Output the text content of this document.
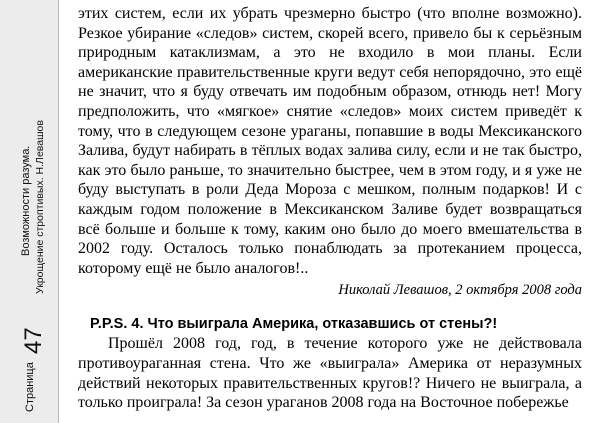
Возможности разума. Укрощение строптивых. Н.Левашов
Страница
47

этих систем, если их убрать чрезмерно быстро (что вполне возможно). Резкое убирание «следов» систем, скорей всего, привело бы к серьёзным природным катаклизмам, а это не входило в мои планы. Если американские правительственные круги ведут себя непорядочно, это ещё не значит, что я буду отвечать им подобным образом, отнюдь нет! Могу предположить, что «мягкое» снятие «следов» моих систем приведёт к тому, что в следующем сезоне ураганы, попавшие в воды Мексиканского Залива, будут набирать в тёплых водах залива силу, если и не так быстро, как это было раньше, то значительно быстрее, чем в этом году, и я уже не буду выступать в роли Деда Мороза с мешком, полным подарков! И с каждым годом положение в Мексиканском Заливе будет возвращаться всё больше и больше к тому, каким оно было до моего вмешательства в 2002 году. Осталось только понаблюдать за протеканием процесса, которому ещё не было аналогов!..

Николай Левашов, 2 октября 2008 года
P.P.S. 4. Что выиграла Америка, отказавшись от стены?!

Прошёл 2008 год, год, в течение которого уже не действовала противоураганная стена. Что же «выиграла» Америка от неразумных действий некоторых правительственных кругов!? Ничего не выиграла, а только проиграла! За сезон ураганов 2008 года на Восточное побережье
